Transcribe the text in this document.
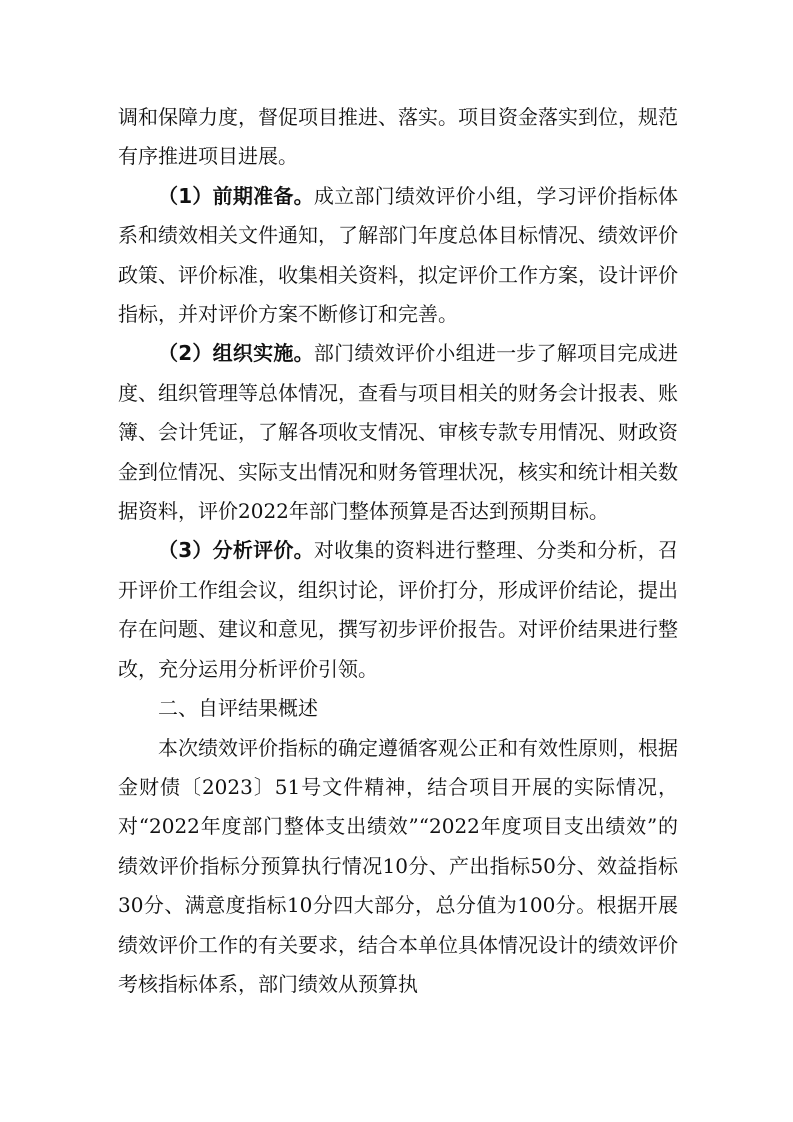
调和保障力度，督促项目推进、落实。项目资金落实到位，规范有序推进项目进展。

（1）前期准备。成立部门绩效评价小组，学习评价指标体系和绩效相关文件通知，了解部门年度总体目标情况、绩效评价政策、评价标准，收集相关资料，拟定评价工作方案，设计评价指标，并对评价方案不断修订和完善。

（2）组织实施。部门绩效评价小组进一步了解项目完成进度、组织管理等总体情况，查看与项目相关的财务会计报表、账簿、会计凭证，了解各项收支情况、审核专款专用情况、财政资金到位情况、实际支出情况和财务管理状况，核实和统计相关数据资料，评价2022年部门整体预算是否达到预期目标。

（3）分析评价。对收集的资料进行整理、分类和分析，召开评价工作组会议，组织讨论，评价打分，形成评价结论，提出存在问题、建议和意见，撰写初步评价报告。对评价结果进行整改，充分运用分析评价引领。

二、自评结果概述

本次绩效评价指标的确定遵循客观公正和有效性原则，根据金财债〔2023〕51号文件精神，结合项目开展的实际情况，对“2022年度部门整体支出绩效”“2022年度项目支出绩效”的绩效评价指标分预算执行情况10分、产出指标50分、效益指标30分、满意度指标10分四大部分，总分值为100分。根据开展绩效评价工作的有关要求，结合本单位具体情况设计的绩效评价考核指标体系，部门绩效从预算执
